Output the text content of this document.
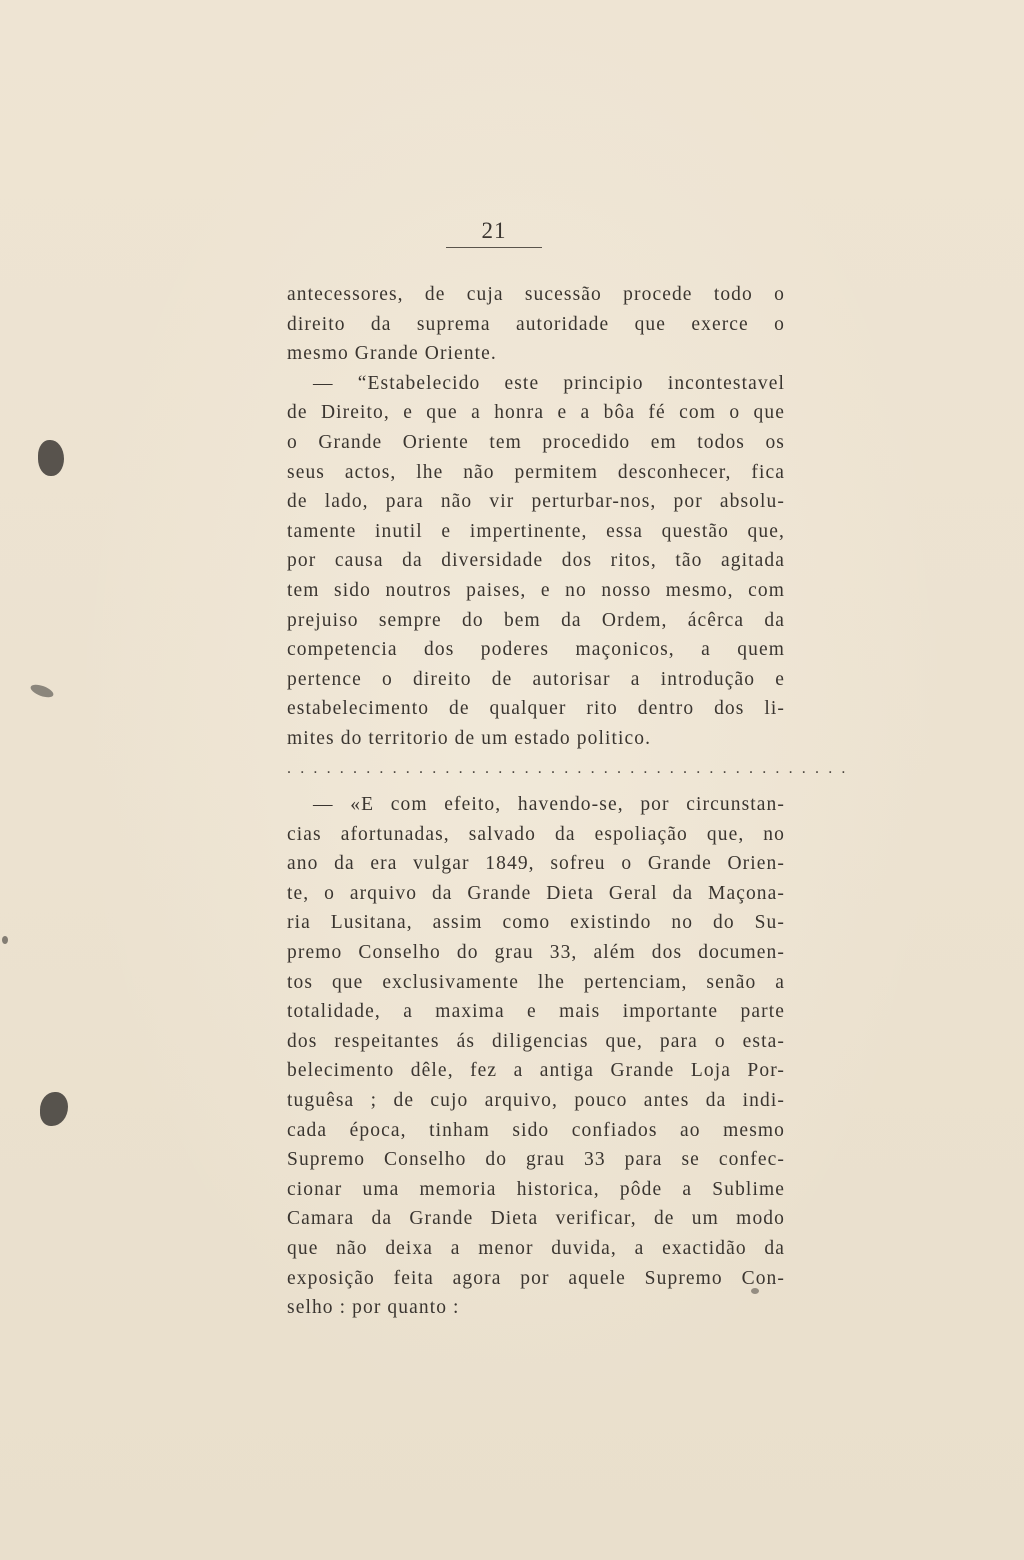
21
antecessores, de cuja sucessão procede todo o
direito da suprema autoridade que exerce o
mesmo Grande Oriente.
— “Estabelecido este principio incontestavel
de Direito, e que a honra e a bôa fé com o que
o Grande Oriente tem procedido em todos os
seus actos, lhe não permitem desconhecer, fica
de lado, para não vir perturbar-nos, por absolu-
tamente inutil e impertinente, essa questão que,
por causa da diversidade dos ritos, tão agitada
tem sido noutros paises, e no nosso mesmo, com
prejuiso sempre do bem da Ordem, ácêrca da
competencia dos poderes maçonicos, a quem
pertence o direito de autorisar a introdução e
estabelecimento de qualquer rito dentro dos li-
mites do territorio de um estado politico.
. . . . . . . . . . . . . . . . . . . . . . . . . . . . . . . . . . . . . . . . . . .
— «E com efeito, havendo-se, por circunstan-
cias afortunadas, salvado da espoliação que, no
ano da era vulgar 1849, sofreu o Grande Orien-
te, o arquivo da Grande Dieta Geral da Maçona-
ria Lusitana, assim como existindo no do Su-
premo Conselho do grau 33, além dos documen-
tos que exclusivamente lhe pertenciam, senão a
totalidade, a maxima e mais importante parte
dos respeitantes ás diligencias que, para o esta-
belecimento dêle, fez a antiga Grande Loja Por-
tuguêsa ; de cujo arquivo, pouco antes da indi-
cada época, tinham sido confiados ao mesmo
Supremo Conselho do grau 33 para se confec-
cionar uma memoria historica, pôde a Sublime
Camara da Grande Dieta verificar, de um modo
que não deixa a menor duvida, a exactidão da
exposição feita agora por aquele Supremo Con-
selho : por quanto :
